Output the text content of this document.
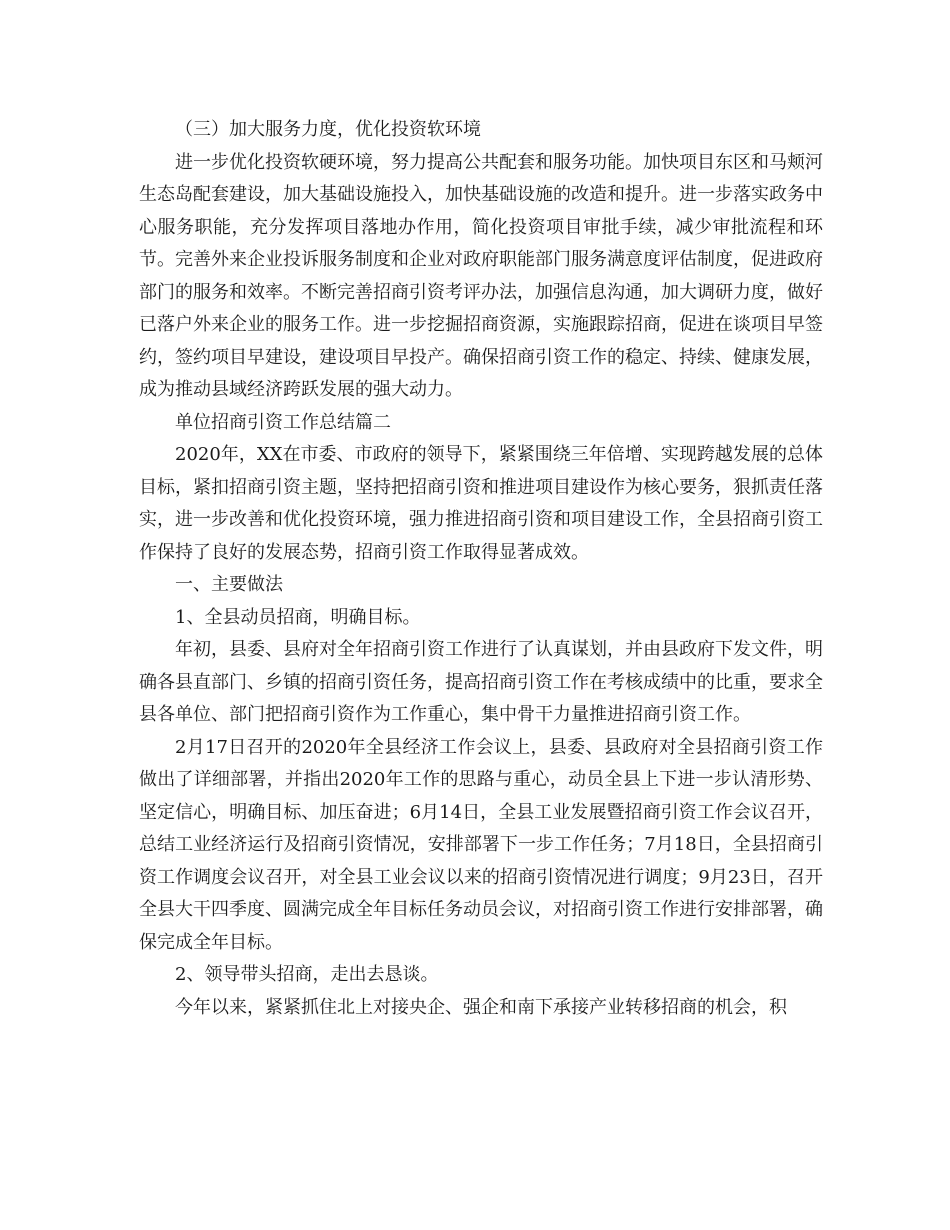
（三）加大服务力度，优化投资软环境

进一步优化投资软硬环境，努力提高公共配套和服务功能。加快项目东区和马颊河生态岛配套建设，加大基础设施投入，加快基础设施的改造和提升。进一步落实政务中心服务职能，充分发挥项目落地办作用，简化投资项目审批手续，减少审批流程和环节。完善外来企业投诉服务制度和企业对政府职能部门服务满意度评估制度，促进政府部门的服务和效率。不断完善招商引资考评办法，加强信息沟通，加大调研力度，做好已落户外来企业的服务工作。进一步挖掘招商资源，实施跟踪招商，促进在谈项目早签约，签约项目早建设，建设项目早投产。确保招商引资工作的稳定、持续、健康发展，成为推动县域经济跨跃发展的强大动力。

单位招商引资工作总结篇二

2020年，XX在市委、市政府的领导下，紧紧围绕三年倍增、实现跨越发展的总体目标，紧扣招商引资主题，坚持把招商引资和推进项目建设作为核心要务，狠抓责任落实，进一步改善和优化投资环境，强力推进招商引资和项目建设工作，全县招商引资工作保持了良好的发展态势，招商引资工作取得显著成效。

一、主要做法

1、全县动员招商，明确目标。

年初，县委、县府对全年招商引资工作进行了认真谋划，并由县政府下发文件，明确各县直部门、乡镇的招商引资任务，提高招商引资工作在考核成绩中的比重，要求全县各单位、部门把招商引资作为工作重心，集中骨干力量推进招商引资工作。

2月17日召开的2020年全县经济工作会议上，县委、县政府对全县招商引资工作做出了详细部署，并指出2020年工作的思路与重心，动员全县上下进一步认清形势、坚定信心，明确目标、加压奋进；6月14日，全县工业发展暨招商引资工作会议召开，总结工业经济运行及招商引资情况，安排部署下一步工作任务；7月18日，全县招商引资工作调度会议召开，对全县工业会议以来的招商引资情况进行调度；9月23日，召开全县大干四季度、圆满完成全年目标任务动员会议，对招商引资工作进行安排部署，确保完成全年目标。

2、领导带头招商，走出去恳谈。

今年以来，紧紧抓住北上对接央企、强企和南下承接产业转移招商的机会，积
